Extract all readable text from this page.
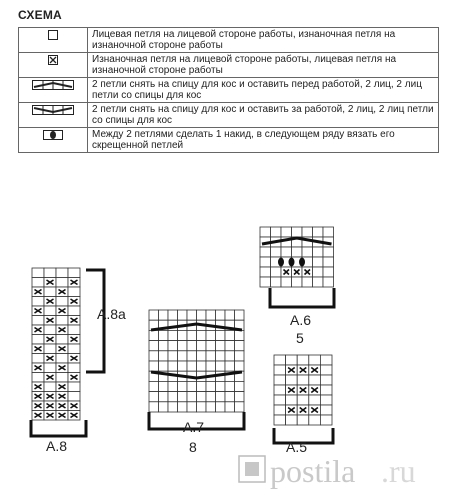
СХЕМА
	Лицевая петля на лицевой стороне работы, изнаночная петля на изнаночной стороне работы
	Изнаночная петля на лицевой стороне работы, лицевая петля на изнаночной стороне работы
	2 петли снять на спицу для кос и оставить перед работой, 2 лиц, 2 лиц петли со спицы для кос
	2 петли снять на спицу для кос и оставить за работой, 2 лиц, 2 лиц петли со спицы для кос
	Между 2 петлями сделать 1 накид, в следующем ряду вязать его скрещенной петлей
A.8a
A.8
A.7
8
A.6
5
A.5
postila .ru
